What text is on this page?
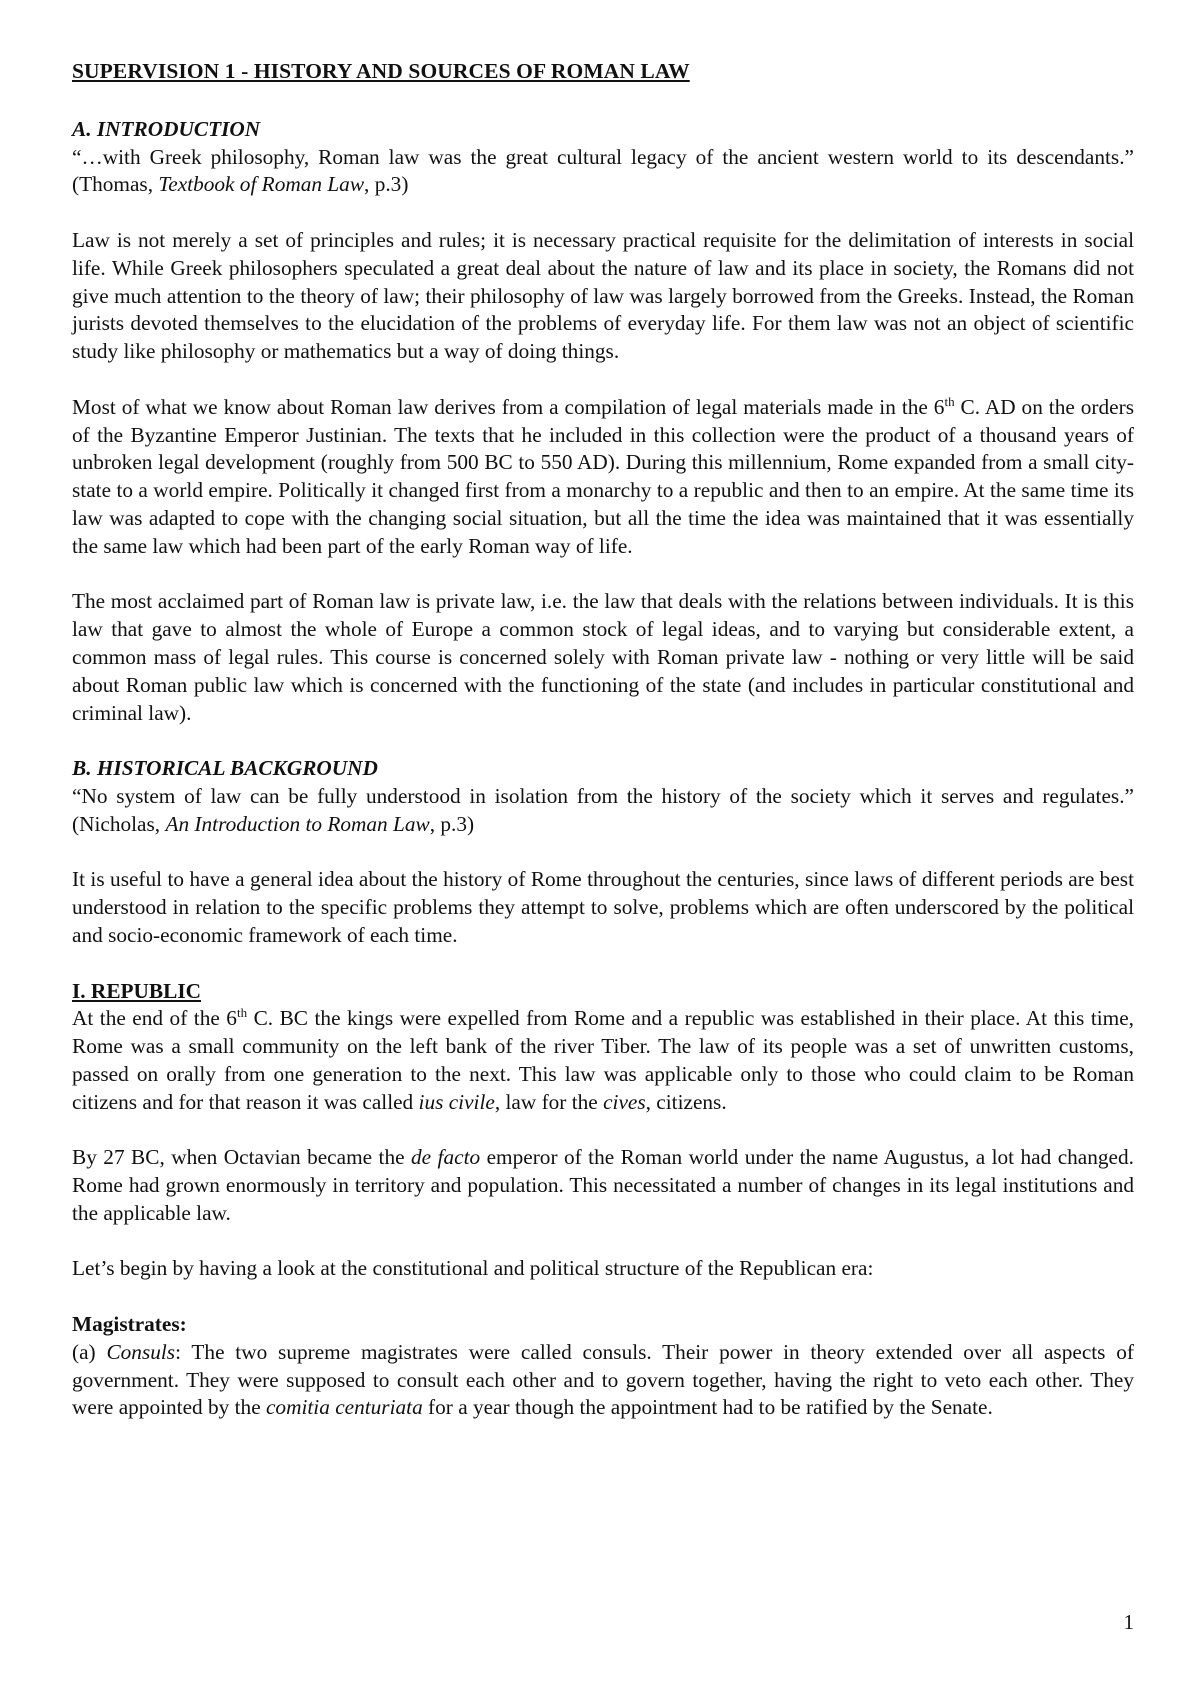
SUPERVISION 1 - HISTORY AND SOURCES OF ROMAN LAW
A. INTRODUCTION

“…with Greek philosophy, Roman law was the great cultural legacy of the ancient western world to its descendants.” (Thomas, Textbook of Roman Law, p.3)

Law is not merely a set of principles and rules; it is necessary practical requisite for the delimitation of interests in social life. While Greek philosophers speculated a great deal about the nature of law and its place in society, the Romans did not give much attention to the theory of law; their philosophy of law was largely borrowed from the Greeks. Instead, the Roman jurists devoted themselves to the elucidation of the problems of everyday life. For them law was not an object of scientific study like philosophy or mathematics but a way of doing things.

Most of what we know about Roman law derives from a compilation of legal materials made in the 6th C. AD on the orders of the Byzantine Emperor Justinian. The texts that he included in this collection were the product of a thousand years of unbroken legal development (roughly from 500 BC to 550 AD). During this millennium, Rome expanded from a small city-state to a world empire. Politically it changed first from a monarchy to a republic and then to an empire. At the same time its law was adapted to cope with the changing social situation, but all the time the idea was maintained that it was essentially the same law which had been part of the early Roman way of life.

The most acclaimed part of Roman law is private law, i.e. the law that deals with the relations between individuals. It is this law that gave to almost the whole of Europe a common stock of legal ideas, and to varying but considerable extent, a common mass of legal rules. This course is concerned solely with Roman private law - nothing or very little will be said about Roman public law which is concerned with the functioning of the state (and includes in particular constitutional and criminal law).

B. HISTORICAL BACKGROUND

“No system of law can be fully understood in isolation from the history of the society which it serves and regulates.” (Nicholas, An Introduction to Roman Law, p.3)

It is useful to have a general idea about the history of Rome throughout the centuries, since laws of different periods are best understood in relation to the specific problems they attempt to solve, problems which are often underscored by the political and socio-economic framework of each time.

I. REPUBLIC

At the end of the 6th C. BC the kings were expelled from Rome and a republic was established in their place. At this time, Rome was a small community on the left bank of the river Tiber. The law of its people was a set of unwritten customs, passed on orally from one generation to the next. This law was applicable only to those who could claim to be Roman citizens and for that reason it was called ius civile, law for the cives, citizens.

By 27 BC, when Octavian became the de facto emperor of the Roman world under the name Augustus, a lot had changed. Rome had grown enormously in territory and population. This necessitated a number of changes in its legal institutions and the applicable law.

Let’s begin by having a look at the constitutional and political structure of the Republican era:

Magistrates:

(a) Consuls: The two supreme magistrates were called consuls. Their power in theory extended over all aspects of government. They were supposed to consult each other and to govern together, having the right to veto each other. They were appointed by the comitia centuriata for a year though the appointment had to be ratified by the Senate.

1
